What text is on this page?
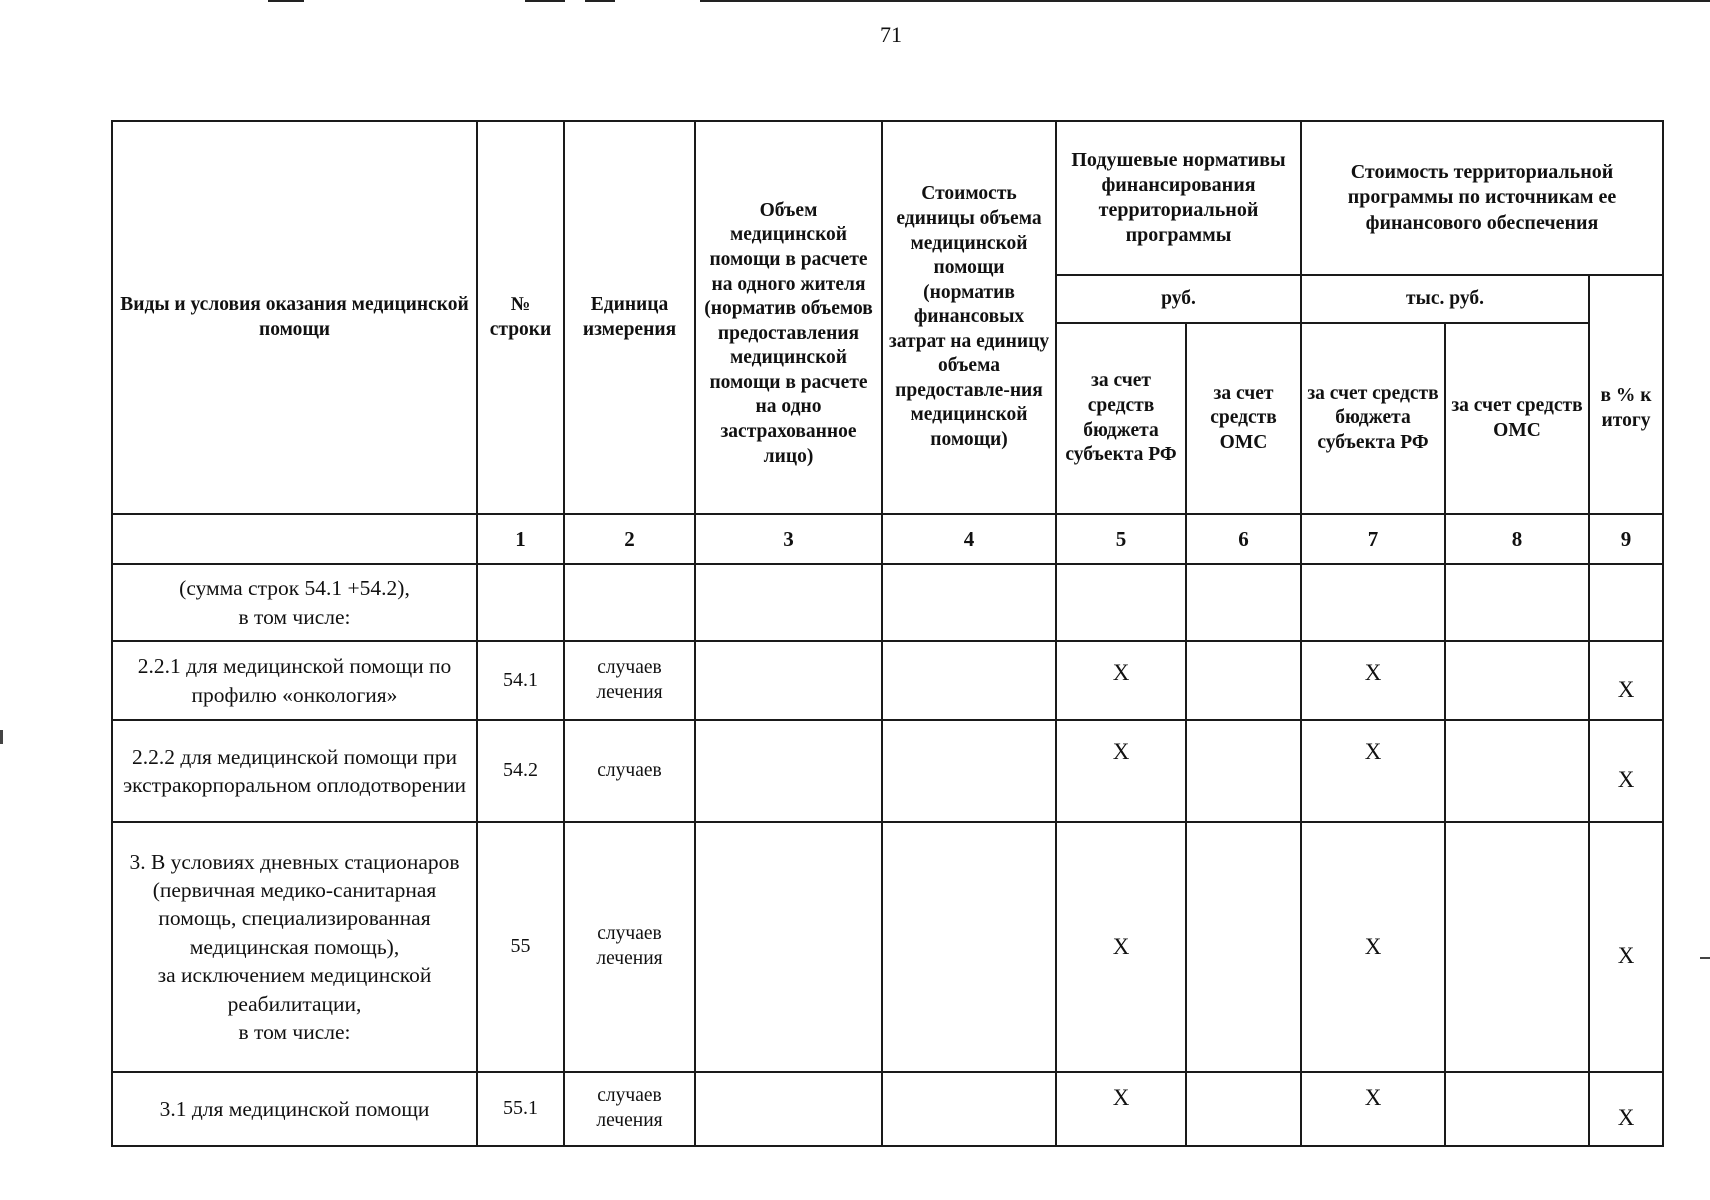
71
Виды и условия оказания медицинской помощи	№ строки	Единица измерения	Объем медицинской помощи в расчете на одного жителя (норматив объемов предоставления медицинской помощи в расчете на одно застрахованное лицо)	Стоимость единицы объема медицинской помощи (норматив финансовых затрат на единицу объема предоставле-ния медицинской помощи)	Подушевые нормативы финансирования территориальной программы		Стоимость территориальной программы по источникам ее финансового обеспечения		
					руб.		тыс. руб.		в % к итогу
					за счет средств бюджета субъекта РФ	за счет средств ОМС	за счет средств бюджета субъекта РФ	за счет средств ОМС	
	1	2	3	4	5	6	7	8	9
(сумма строк 54.1 +54.2),
в том числе:									
2.2.1 для медицинской помощи по профилю «онкология»	54.1	случаев лечения			X		X		X
2.2.2 для медицинской помощи при экстракорпоральном оплодотворении	54.2	случаев			X		X		X
3. В условиях дневных стационаров (первичная медико-санитарная помощь, специализированная медицинская помощь),
за исключением медицинской реабилитации,
в том числе:	55	случаев лечения			X		X		X
3.1 для медицинской помощи	55.1	случаев лечения			X		X		X
